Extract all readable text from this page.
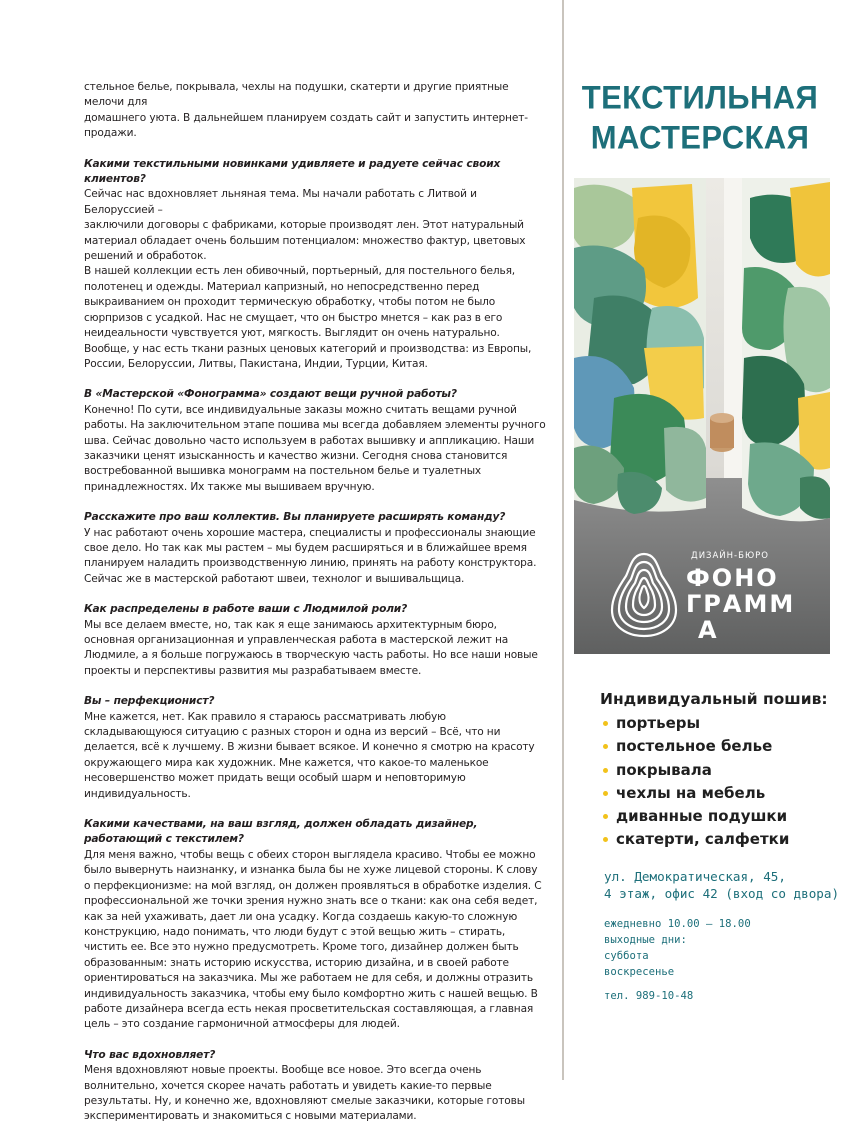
стельное белье, покрывала, чехлы на подушки, скатерти и другие приятные мелочи для

домашнего уюта. В дальнейшем планируем создать сайт и запустить интернет-продажи.

Какими текстильными новинками удивляете и радуете сейчас своих клиентов?

Сейчас нас вдохновляет льняная тема. Мы начали работать с Литвой и Белоруссией –

заключили договоры с фабриками, которые производят лен. Этот натуральный материал обладает очень большим потенциалом: множество фактур, цветовых решений и обработок.

В нашей коллекции есть лен обивочный, портьерный, для постельного белья, полотенец и одежды. Материал капризный, но непосредственно перед выкраиванием он проходит термическую обработку, чтобы потом не было сюрпризов с усадкой. Нас не смущает, что он быстро мнется – как раз в его неидеальности чувствуется уют, мягкость. Выглядит он очень натурально. Вообще, у нас есть ткани разных ценовых категорий и производства: из Европы, России, Белоруссии, Литвы, Пакистана, Индии, Турции, Китая.

В «Мастерской «Фонограмма» создают вещи ручной работы?

Конечно! По сути, все индивидуальные заказы можно считать вещами ручной работы. На заключительном этапе пошива мы всегда добавляем элементы ручного шва. Сейчас довольно часто используем в работах вышивку и аппликацию. Наши заказчики ценят изысканность и качество жизни. Сегодня снова становится востребованной вышивка монограмм на постельном белье и туалетных принадлежностях. Их также мы вышиваем вручную.

Расскажите про ваш коллектив. Вы планируете расширять команду?

У нас работают очень хорошие мастера, специалисты и профессионалы знающие свое дело. Но так как мы растем – мы будем расширяться и в ближайшее время планируем наладить производственную линию, принять на работу конструктора. Сейчас же в мастерской работают швеи, технолог и вышивальщица.

Как распределены в работе ваши с Людмилой роли?

Мы все делаем вместе, но, так как я еще занимаюсь архитектурным бюро, основная организационная и управленческая работа в мастерской лежит на Людмиле, а я больше погружаюсь в творческую часть работы. Но все наши новые проекты и перспективы развития мы разрабатываем вместе.

Вы – перфекционист?

Мне кажется, нет. Как правило я стараюсь рассматривать любую складывающуюся ситуацию с разных сторон и одна из версий – Всё, что ни делается, всё к лучшему. В жизни бывает всякое. И конечно я смотрю на красоту окружающего мира как художник. Мне кажется, что какое-то маленькое несовершенство может придать вещи особый шарм и неповторимую индивидуальность.

Какими качествами, на ваш взгляд, должен обладать дизайнер, работающий с текстилем?

Для меня важно, чтобы вещь с обеих сторон выглядела красиво. Чтобы ее можно было вывернуть наизнанку, и изнанка была бы не хуже лицевой стороны. К слову о перфекционизме: на мой взгляд, он должен проявляться в обработке изделия. С профессиональной же точки зрения нужно знать все о ткани: как она себя ведет, как за ней ухаживать, дает ли она усадку. Когда создаешь какую-то сложную конструкцию, надо понимать, что люди будут с этой вещью жить – стирать, чистить ее. Все это нужно предусмотреть. Кроме того, дизайнер должен быть образованным: знать историю искусства, историю дизайна, и в своей работе ориентироваться на заказчика. Мы же работаем не для себя, и должны отразить индивидуальность заказчика, чтобы ему было комфортно жить с нашей вещью. В работе дизайнера всегда есть некая просветительская составляющая, а главная цель – это создание гармоничной атмосферы для людей.

Что вас вдохновляет?

Меня вдохновляют новые проекты. Вообще все новое. Это всегда очень волнительно, хочется скорее начать работать и увидеть какие-то первые результаты. Ну, и конечно же, вдохновляют смелые заказчики, которые готовы экспериментировать и знакомиться с новыми материалами.

ТЕКСТИЛЬНАЯ
МАСТЕРСКАЯ
ДИЗАЙН-БЮРО
ФОНО
ГРАММ
А
Индивидуальный пошив:
портьеры
постельное белье
покрывала
чехлы на мебель
диванные подушки
скатерти, салфетки
ул. Демократическая, 45,
4 этаж, офис 42 (вход со двора)
ежедневно 10.00 – 18.00
выходные дни:
суббота
воскресенье
тел. 989-10-48
